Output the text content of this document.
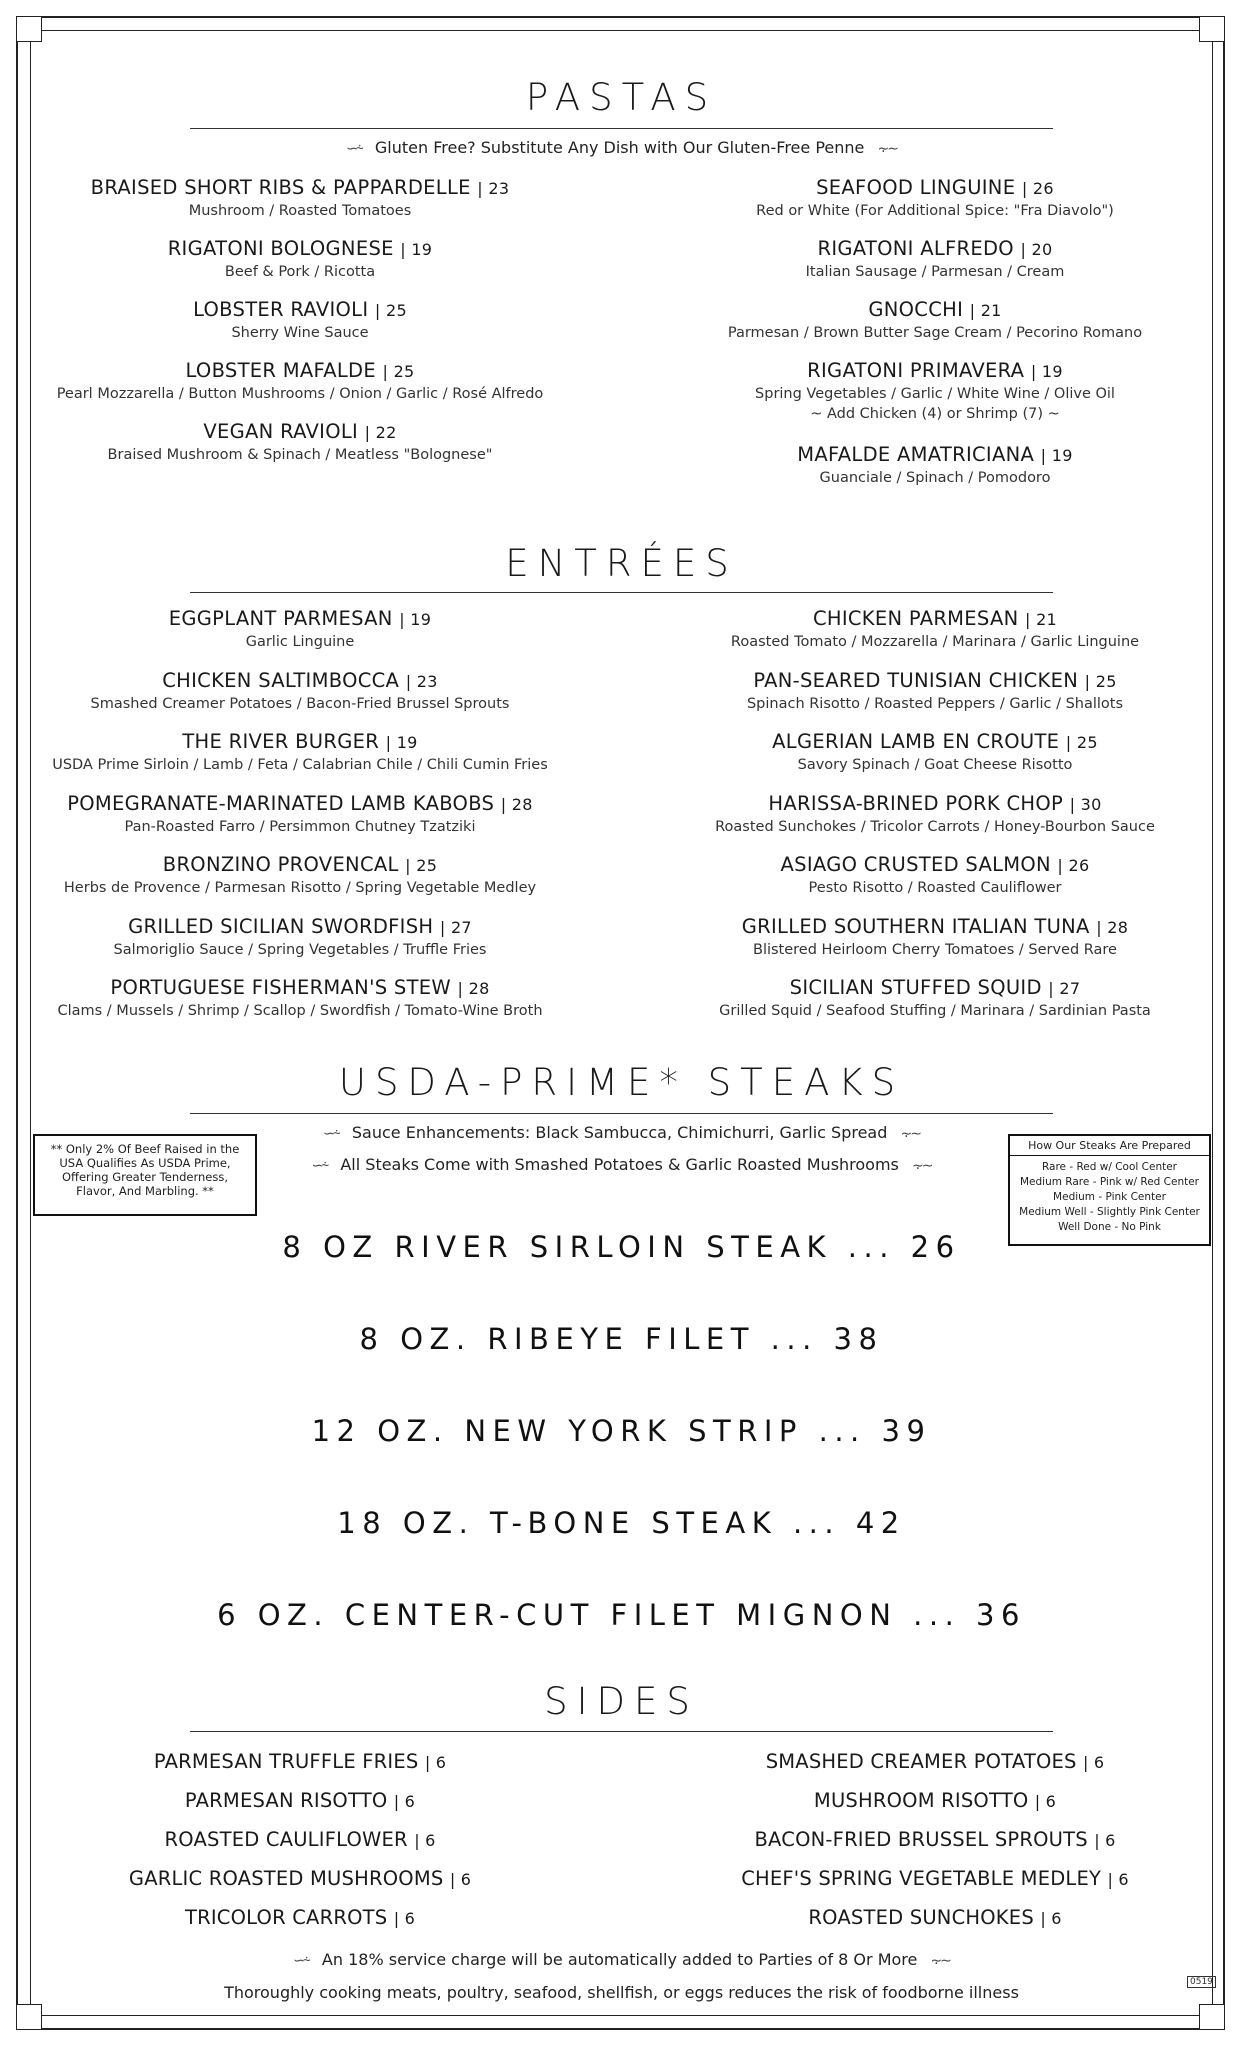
PASTAS
∽⸞ Gluten Free? Substitute Any Dish with Our Gluten-Free Penne ⸟∼
BRAISED SHORT RIBS & PAPPARDELLE | 23
Mushroom / Roasted Tomatoes
RIGATONI BOLOGNESE | 19
Beef & Pork / Ricotta
LOBSTER RAVIOLI | 25
Sherry Wine Sauce
LOBSTER MAFALDE | 25
Pearl Mozzarella / Button Mushrooms / Onion / Garlic / Rosé Alfredo
VEGAN RAVIOLI | 22
Braised Mushroom & Spinach / Meatless "Bolognese"
SEAFOOD LINGUINE | 26
Red or White (For Additional Spice: "Fra Diavolo")
RIGATONI ALFREDO | 20
Italian Sausage / Parmesan / Cream
GNOCCHI | 21
Parmesan / Brown Butter Sage Cream / Pecorino Romano
RIGATONI PRIMAVERA | 19
Spring Vegetables / Garlic / White Wine / Olive Oil
~ Add Chicken (4) or Shrimp (7) ~
MAFALDE AMATRICIANA | 19
Guanciale / Spinach / Pomodoro
ENTRÉES
EGGPLANT PARMESAN | 19
Garlic Linguine
CHICKEN SALTIMBOCCA | 23
Smashed Creamer Potatoes / Bacon-Fried Brussel Sprouts
THE RIVER BURGER | 19
USDA Prime Sirloin / Lamb / Feta / Calabrian Chile / Chili Cumin Fries
POMEGRANATE-MARINATED LAMB KABOBS | 28
Pan-Roasted Farro / Persimmon Chutney Tzatziki
BRONZINO PROVENCAL | 25
Herbs de Provence / Parmesan Risotto / Spring Vegetable Medley
GRILLED SICILIAN SWORDFISH | 27
Salmoriglio Sauce / Spring Vegetables / Truffle Fries
PORTUGUESE FISHERMAN'S STEW | 28
Clams / Mussels / Shrimp / Scallop / Swordfish / Tomato-Wine Broth
CHICKEN PARMESAN | 21
Roasted Tomato / Mozzarella / Marinara / Garlic Linguine
PAN-SEARED TUNISIAN CHICKEN | 25
Spinach Risotto / Roasted Peppers / Garlic / Shallots
ALGERIAN LAMB EN CROUTE | 25
Savory Spinach / Goat Cheese Risotto
HARISSA-BRINED PORK CHOP | 30
Roasted Sunchokes / Tricolor Carrots / Honey-Bourbon Sauce
ASIAGO CRUSTED SALMON | 26
Pesto Risotto / Roasted Cauliflower
GRILLED SOUTHERN ITALIAN TUNA | 28
Blistered Heirloom Cherry Tomatoes / Served Rare
SICILIAN STUFFED SQUID | 27
Grilled Squid / Seafood Stuffing / Marinara / Sardinian Pasta
USDA-PRIME* STEAKS
∽⸞ Sauce Enhancements: Black Sambucca, Chimichurri, Garlic Spread ⸟∼
∽⸞ All Steaks Come with Smashed Potatoes & Garlic Roasted Mushrooms ⸟∼
** Only 2% Of Beef Raised in the USA Qualifies As USDA Prime, Offering Greater Tenderness, Flavor, And Marbling. **
How Our Steaks Are Prepared
Rare - Red w/ Cool Center
Medium Rare - Pink w/ Red Center
Medium - Pink Center
Medium Well - Slightly Pink Center
Well Done - No Pink
8 OZ RIVER SIRLOIN STEAK ... 26
8 OZ. RIBEYE FILET ... 38
12 OZ. NEW YORK STRIP ... 39
18 OZ. T-BONE STEAK ... 42
6 OZ. CENTER-CUT FILET MIGNON ... 36
SIDES
PARMESAN TRUFFLE FRIES | 6
PARMESAN RISOTTO | 6
ROASTED CAULIFLOWER | 6
GARLIC ROASTED MUSHROOMS | 6
TRICOLOR CARROTS | 6
SMASHED CREAMER POTATOES | 6
MUSHROOM RISOTTO | 6
BACON-FRIED BRUSSEL SPROUTS | 6
CHEF'S SPRING VEGETABLE MEDLEY | 6
ROASTED SUNCHOKES | 6
∽⸞ An 18% service charge will be automatically added to Parties of 8 Or More ⸟∼
Thoroughly cooking meats, poultry, seafood, shellfish, or eggs reduces the risk of foodborne illness
0519
